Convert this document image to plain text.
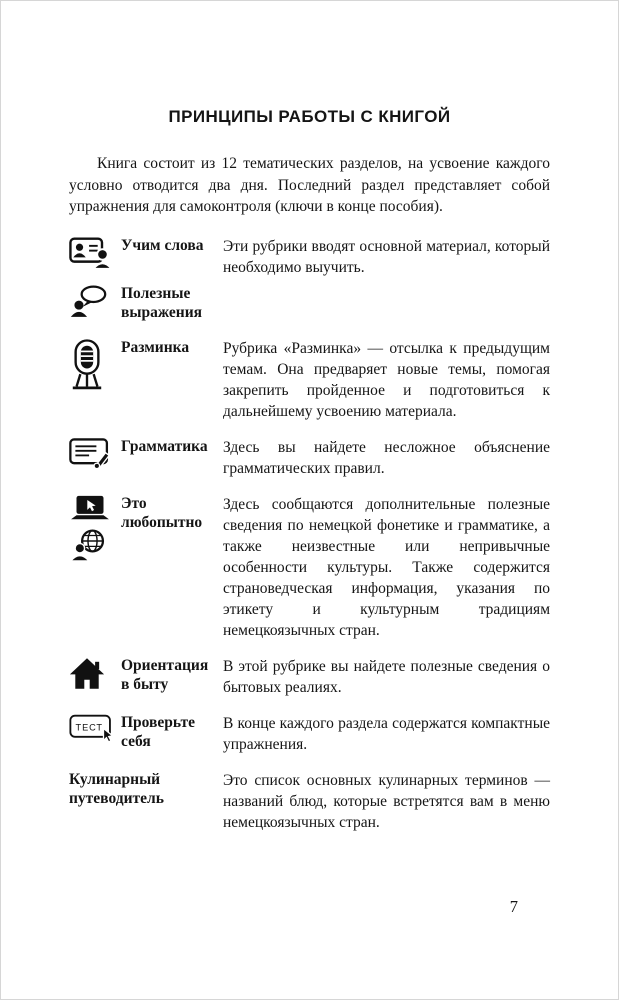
ПРИНЦИПЫ РАБОТЫ С КНИГОЙ

Книга состоит из 12 тематических разделов, на усвоение каждого условно отводится два дня. Последний раздел представляет собой упражнения для самоконтроля (ключи в конце пособия).

Учим слова	Эти рубрики вводят основной материал, который необходимо выучить.
Полезные выражения
Разминка	Рубрика «Разминка» — отсылка к предыдущим темам. Она предваряет новые темы, помогая закрепить пройденное и подготовиться к дальнейшему усвоению материала.
Грамматика Здесь вы найдете несложное объяснение грамматических правил.
Это любопытно
Здесь сообщаются дополнительные полезные сведения по немецкой фонетике и грамматике, а также неизвестные или непривычные особенности культуры. Также содержится страноведческая информация, указания по этикету и культурным традициям немецкоязычных стран.
Ориентация в быту
В этой рубрике вы найдете полезные сведения о бытовых реалиях.
ТЕСТ Проверьте себя
В конце каждого раздела содержатся компактные упражнения.
Кулинарный путеводитель
Это список основных кулинарных терминов — названий блюд, которые встретятся вам в меню немецкоязычных стран.
7
